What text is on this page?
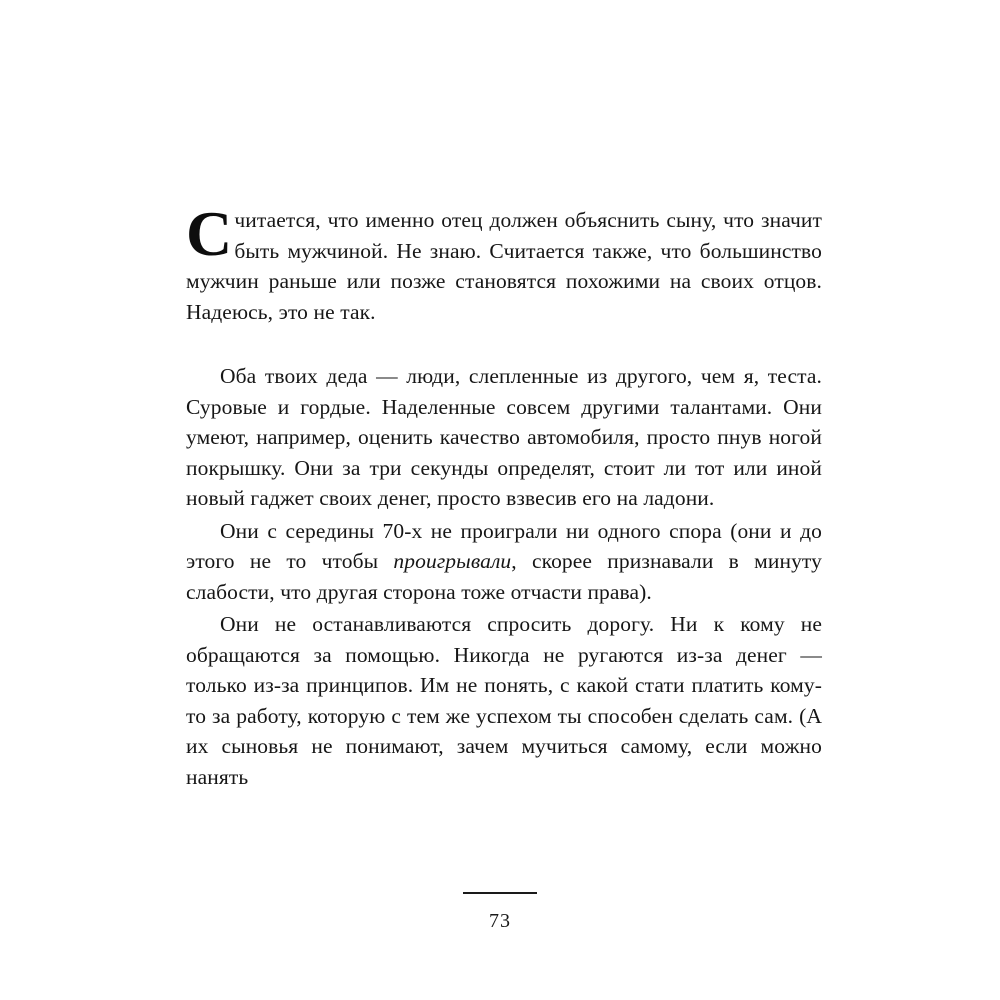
Считается, что именно отец должен объяснить сыну, что значит быть мужчиной. Не знаю. Считается также, что большинство мужчин раньше или позже становятся похожими на своих отцов. Надеюсь, это не так.

Оба твоих деда — люди, слепленные из другого, чем я, теста. Суровые и гордые. Наделенные совсем другими талантами. Они умеют, например, оценить качество автомобиля, просто пнув ногой покрышку. Они за три секунды определят, стоит ли тот или иной новый гаджет своих денег, просто взвесив его на ладони.

Они с середины 70-х не проиграли ни одного спора (они и до этого не то чтобы проигрывали, скорее признавали в минуту слабости, что другая сторона тоже отчасти права).

Они не останавливаются спросить дорогу. Ни к кому не обращаются за помощью. Никогда не ругаются из-за денег — только из-за принципов. Им не понять, с какой стати платить кому-то за работу, которую с тем же успехом ты способен сделать сам. (А их сыновья не понимают, зачем мучиться самому, если можно нанять

73
